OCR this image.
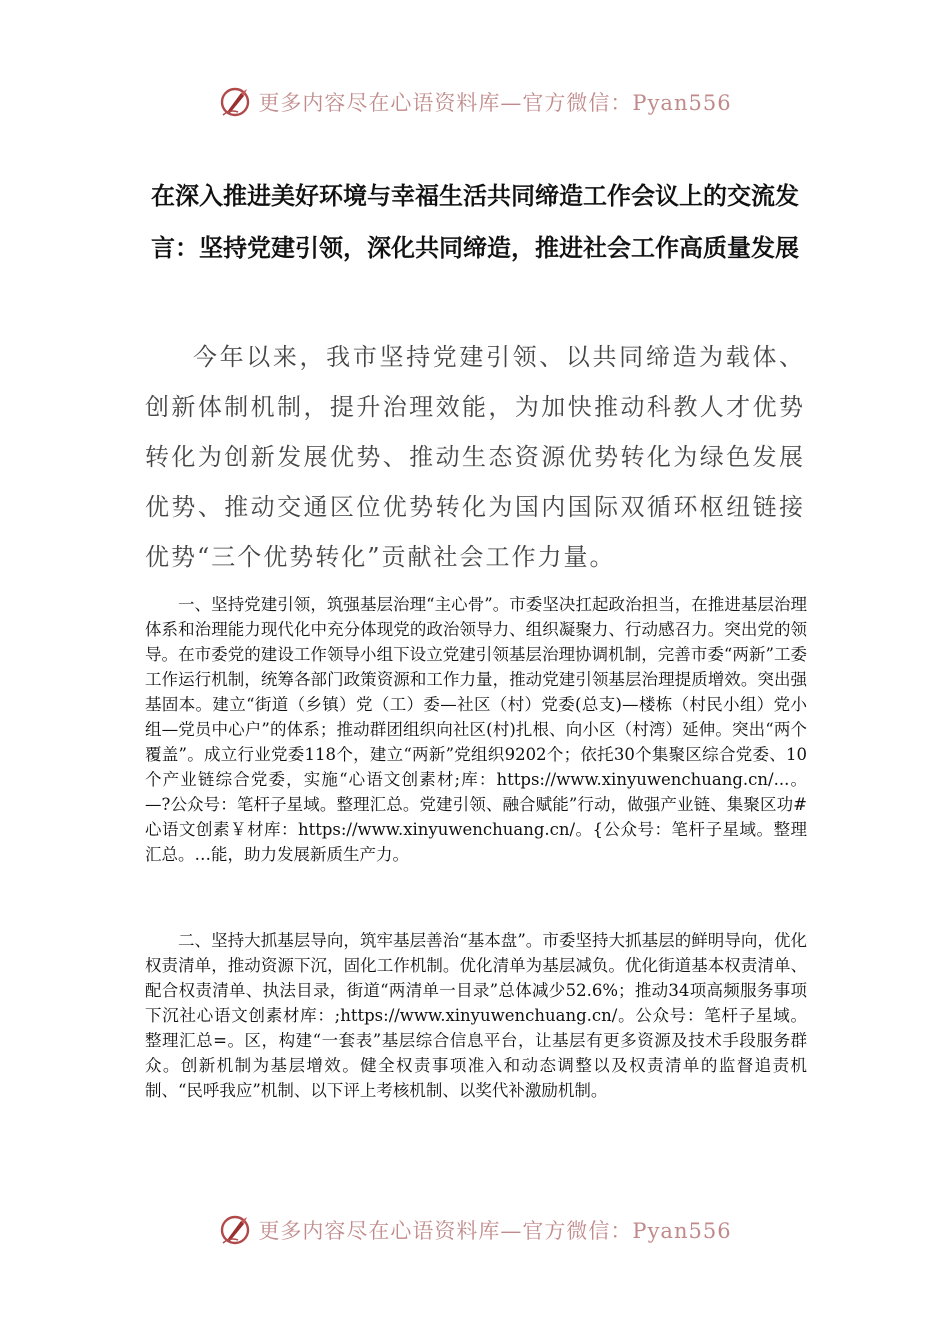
更多内容尽在心语资料库—官方微信：Pyan556
在深入推进美好环境与幸福生活共同缔造工作会议上的交流发言：坚持党建引领，深化共同缔造，推进社会工作高质量发展

今年以来，我市坚持党建引领、以共同缔造为载体、创新体制机制，提升治理效能，为加快推动科教人才优势转化为创新发展优势、推动生态资源优势转化为绿色发展优势、推动交通区位优势转化为国内国际双循环枢纽链接优势“三个优势转化”贡献社会工作力量。

一、坚持党建引领，筑强基层治理“主心骨”。市委坚决扛起政治担当，在推进基层治理体系和治理能力现代化中充分体现党的政治领导力、组织凝聚力、行动感召力。突出党的领导。在市委党的建设工作领导小组下设立党建引领基层治理协调机制，完善市委“两新”工委工作运行机制，统筹各部门政策资源和工作力量，推动党建引领基层治理提质增效。突出强基固本。建立“街道（乡镇）党（工）委—社区（村）党委(总支)—楼栋（村民小组）党小组—党员中心户”的体系；推动群团组织向社区(村)扎根、向小区（村湾）延伸。突出“两个覆盖”。成立行业党委118个，建立“两新”党组织9202个；依托30个集聚区综合党委、10个产业链综合党委，实施“心语文创素材;库：https://www.xinyuwenchuang.cn/...。—?公众号：笔杆子星域。整理汇总。党建引领、融合赋能”行动，做强产业链、集聚区功#心语文创素￥材库：https://www.xinyuwenchuang.cn/。{公众号：笔杆子星域。整理汇总。…能，助力发展新质生产力。

二、坚持大抓基层导向，筑牢基层善治“基本盘”。市委坚持大抓基层的鲜明导向，优化权责清单，推动资源下沉，固化工作机制。优化清单为基层减负。优化街道基本权责清单、配合权责清单、执法目录，街道“两清单一目录”总体减少52.6%；推动34项高频服务事项下沉社心语文创素材库：;https://www.xinyuwenchuang.cn/。公众号：笔杆子星域。整理汇总=。区，构建“一套表”基层综合信息平台，让基层有更多资源及技术手段服务群众。创新机制为基层增效。健全权责事项准入和动态调整以及权责清单的监督追责机制、“民呼我应”机制、以下评上考核机制、以奖代补激励机制。

更多内容尽在心语资料库—官方微信：Pyan556
